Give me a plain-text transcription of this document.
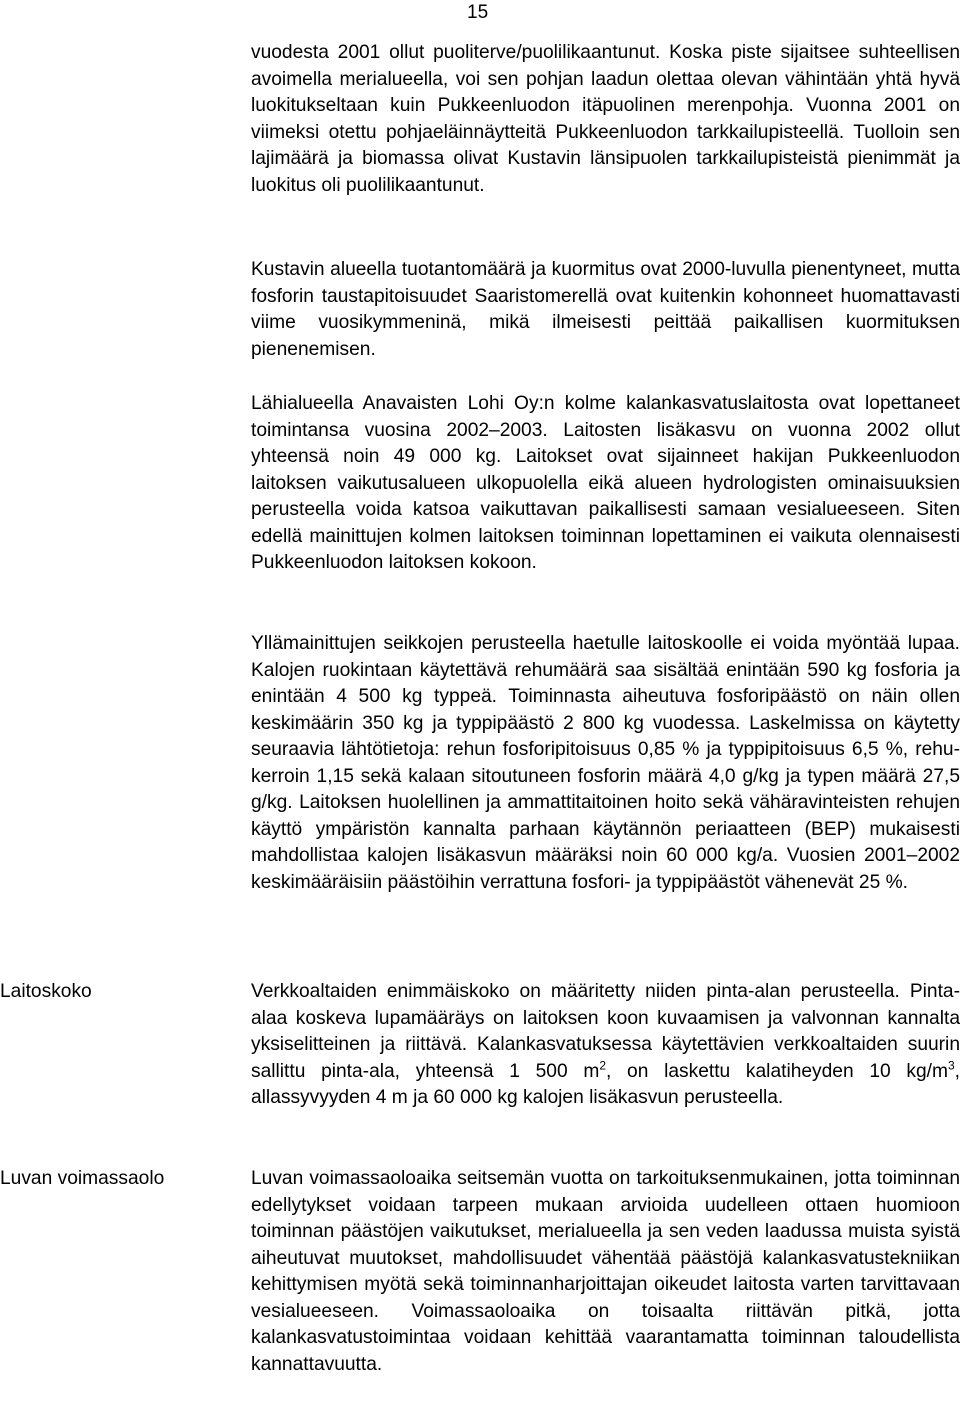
15

vuodesta 2001 ollut puoliterve/puolilikaantunut. Koska piste sijaitsee suhteellisen avoimella merialueella, voi sen pohjan laadun olettaa olevan vähintään yhtä hyvä luokitukseltaan kuin Pukkeenluodon itäpuolinen merenpohja. Vuonna 2001 on viimeksi otettu pohjaeläinnäytteitä Pukkeenluodon tarkkailupisteellä. Tuolloin sen lajimäärä ja biomassa olivat Kustavin länsipuolen tarkkailupisteistä pienimmät ja luokitus oli puolilikaantunut.

Kustavin alueella tuotantomäärä ja kuormitus ovat 2000-luvulla pienentyneet, mutta fosforin taustapitoisuudet Saaristomerellä ovat kuitenkin kohonneet huomattavasti viime vuosikymmeninä, mikä ilmeisesti peittää paikallisen kuormituksen pienenemisen.

Lähialueella Anavaisten Lohi Oy:n kolme kalankasvatuslaitosta ovat lopettaneet toimintansa vuosina 2002–2003. Laitosten lisäkasvu on vuonna 2002 ollut yhteensä noin 49 000 kg. Laitokset ovat sijainneet hakijan Pukkeenluodon laitoksen vaikutusalueen ulkopuolella eikä alueen hydrologisten ominaisuuksien perusteella voida katsoa vaikuttavan paikallisesti samaan vesialueeseen. Siten edellä mainittujen kolmen laitoksen toiminnan lopettaminen ei vaikuta olennaisesti Pukkeenluodon laitoksen kokoon.

Yllämainittujen seikkojen perusteella haetulle laitoskoolle ei voida myöntää lupaa. Kalojen ruokintaan käytettävä rehumäärä saa sisältää enintään 590 kg fosforia ja enintään 4 500 kg typpeä. Toiminnasta aiheutuva fosforipäästö on näin ollen keskimäärin 350 kg ja typpipäästö 2 800 kg vuodessa. Laskelmissa on käytetty seuraavia lähtötietoja: rehun fosforipitoisuus 0,85 % ja typpipitoisuus 6,5 %, rehukerroin 1,15 sekä kalaan sitoutuneen fosforin määrä 4,0 g/kg ja typen määrä 27,5 g/kg. Laitoksen huolellinen ja ammattitaitoinen hoito sekä vähäravinteisten rehujen käyttö ympäristön kannalta parhaan käytännön periaatteen (BEP) mukaisesti mahdollistaa kalojen lisäkasvun määräksi noin 60 000 kg/a. Vuosien 2001–2002 keskimääräisiin päästöihin verrattuna fosfori- ja typpipäästöt vähenevät 25 %.

Laitoskoko	Verkkoaltaiden enimmäiskoko on määritetty niiden pinta-alan perusteella. Pinta-alaa koskeva lupamääräys on laitoksen koon kuvaamisen ja valvonnan kannalta yksiselitteinen ja riittävä. Kalankasvatuksessa käytettävien verkkoaltaiden suurin sallittu pinta-ala, yhteensä 1 500 $m^2$, on laskettu kalatiheyden 10 $kg/m^3$, allassyvyyden 4 m ja 60 000 kg kalojen lisäkasvun perusteella.

Luvan voimassaolo	Luvan voimassaoloaika seitsemän vuotta on tarkoituksenmukainen, jotta toiminnan edellytykset voidaan tarpeen mukaan arvioida uudelleen ottaen huomioon toiminnan päästöjen vaikutukset, merialueella ja sen veden laadussa muista syistä aiheutuvat muutokset, mahdollisuudet vähentää päästöjä kalankasvatustekniikan kehittymisen myötä sekä toiminnanharjoittajan oikeudet laitosta varten tarvittavaan vesialueeseen. Voimassaoloaika on toisaalta riittävän pitkä, jotta kalankasvatustoimintaa voidaan kehittää vaarantamatta toiminnan taloudellista kannattavuutta.
